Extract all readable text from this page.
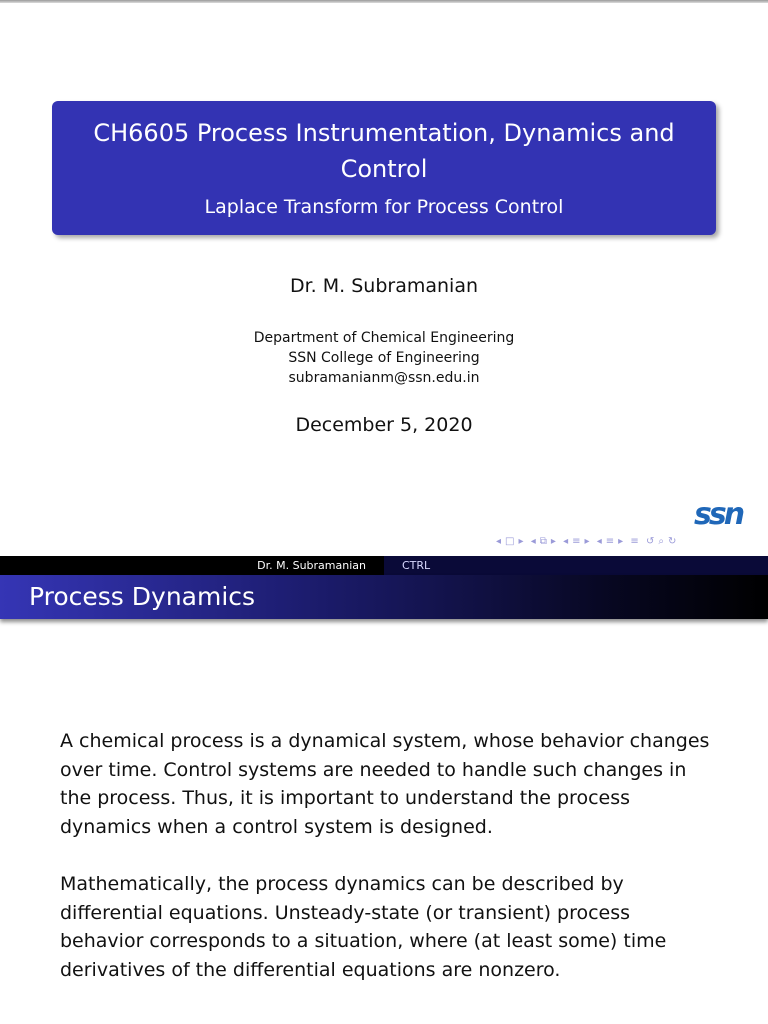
CH6605 Process Instrumentation, Dynamics and
Control
Laplace Transform for Process Control
Dr. M. Subramanian
Department of Chemical Engineering
SSN College of Engineering
subramanianm@ssn.edu.in
December 5, 2020
ssn
◂ □ ▸ ◂ ⧉ ▸ ◂ ≡ ▸ ◂ ≡ ▸ ≡ ↺ ⌕ ↻
Dr. M. Subramanian	CTRL
Process Dynamics
A chemical process is a dynamical system, whose behavior changes
over time. Control systems are needed to handle such changes in
the process. Thus, it is important to understand the process
dynamics when a control system is designed.
Mathematically, the process dynamics can be described by
differential equations. Unsteady-state (or transient) process
behavior corresponds to a situation, where (at least some) time
derivatives of the differential equations are nonzero.
